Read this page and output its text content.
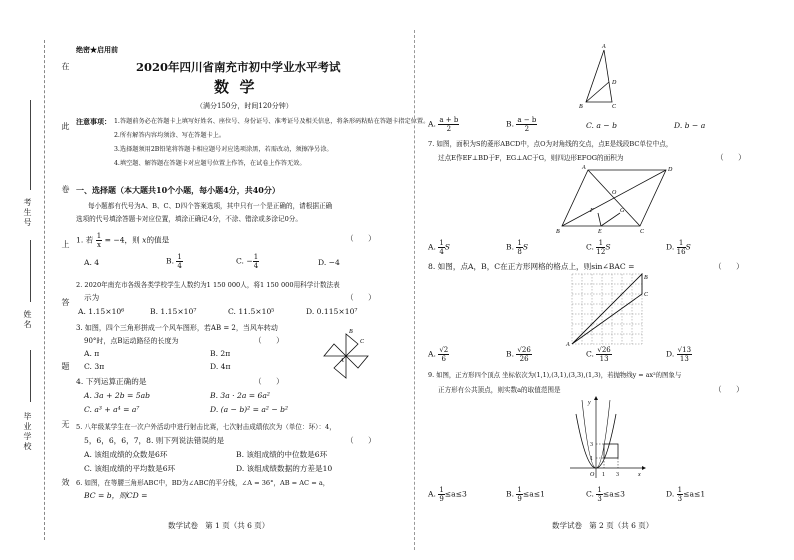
在
此
卷
上
答
题
无
效
考生号
姓名
毕业学校
绝密★启用前
2020年四川省南充市初中学业水平考试
数  学
（满分150分，时间120分钟）
注意事项： 1.答题前务必在答题卡上填写好姓名、座位号、身份证号、准考证号及相关信息，将条形码粘贴在答题卡指定位置。
2.所有解答内容均须涂、写在答题卡上。
3.选择题须用2B铅笔将答题卡相应题号对应选项涂黑，若需改动，须擦净另涂。
4.填空题、解答题在答题卡对应题号位置上作答，在试卷上作答无效。
一、选择题（本大题共10个小题，每小题4分，共40分）
每小题都有代号为A、B、C、D四个答案选项，其中只有一个是正确的，请根据正确
选项的代号填涂答题卡对应位置，填涂正确记4分，不涂、错涂或多涂记0分。
1. 若 $\frac{1}{x} = -4$，则 x的值是	（      ）
A. 4	B. $\frac{1}{4}$	C. − $\frac{1}{4}$	D. −4
2. 2020年南充市各级各类学校学生人数约为1 150 000人，将1 150 000用科学计数法表
示为	（      ）
A. 1.15×10⁶	B. 1.15×10⁷	C. 11.5×10⁵	D. 0.115×10⁷
3. 如图，四个三角形拼成一个风车图形，若AB = 2，当风车转动
90°时，点B运动路径的长度为	（      ）
A. π	B. 2π
C. 3π	D. 4π
A
B
C
4. 下列运算正确的是	（      ）
A. 3a + 2b = 5ab	B. 3a · 2a = 6a²
C. a³ + a⁴ = a⁷	D. (a − b)² = a² − b²
5. 八年级某学生在一次户外活动中进行射击比赛，七次射击成绩依次为（单位：环）：4，
5，6，6，6，7，8. 则下列说法错误的是	（      ）
A. 该组成绩的众数是6环	B. 该组成绩的中位数是6环
C. 该组成绩的平均数是6环	D. 该组成绩数据的方差是10
6. 如图，在等腰三角形ABC中，BD为∠ABC的平分线，∠A = 36°，AB = AC = a，
BC = b，则CD =
数学试卷   第 1 页（共 6 页）
A
D
B	C
A. $\frac{a + b}{2}$	B. $\frac{a - b}{2}$	C. a − b	D. b − a
7. 如图，面积为S的菱形ABCD中，点O为对角线的交点，点E是线段BC单位中点，
过点E作EF⊥BD于F，EG⊥AC于G，则四边形EFOG的面积为	（      ）
A	D
O
F	G
B	E	C
A. $\frac{1}{4}$ S	B. $\frac{1}{8}$ S	C. $\frac{1}{12}$ S	D. $\frac{1}{16}$ S
8. 如图，点A，B，C在正方形网格的格点上，则sin∠BAC =	（      ）
B
C
A
A. $\frac{√2}{6}$	B. $\frac{√26}{26}$	C. $\frac{√26}{13}$	D. $\frac{√13}{13}$
9. 如图，正方形四个顶点 坐标依次为(1,1),(3,1),(3,3),(1,3)，若抛物线y = ax²的图象与
正方形有公共顶点，则实数a的取值范围是	（      ）
y
x
O 1 3
1
3
A. $\frac{1}{9} \le a\le 3$	B. $\frac{1}{9} \le a\le 1$	C. $\frac{1}{3} \le a\le 3$	D. $\frac{1}{3} \le a\le 1$
数学试卷   第 2 页（共 6 页）
